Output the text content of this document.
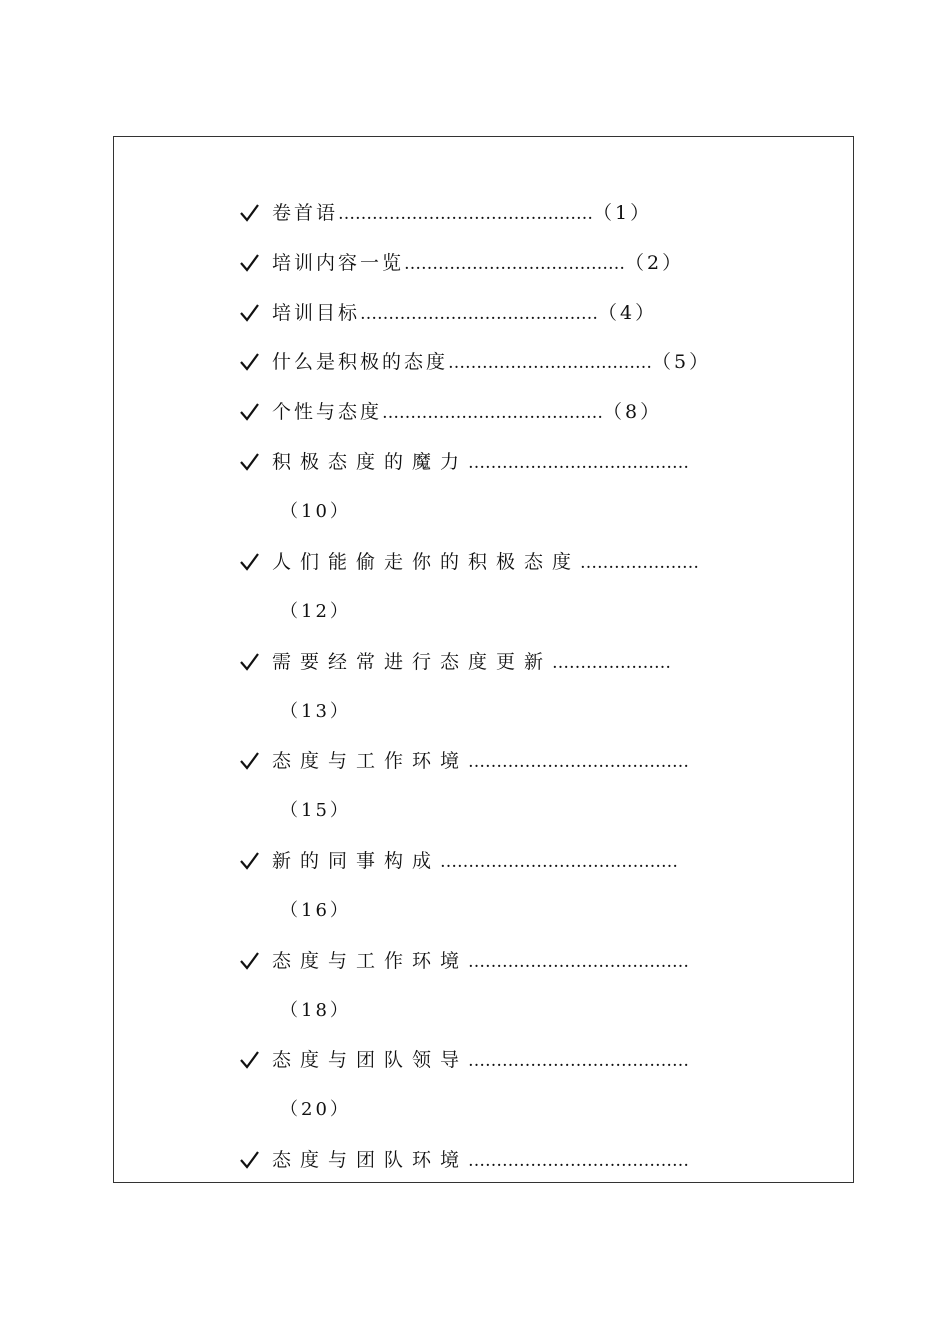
卷首语………………………………………（1）
培训内容一览…………………………………（2）
培训目标……………………………………（4）
什么是积极的态度………………………………（5）
个性与态度…………………………………（8）
积极态度的魔力…………………………………
（10）
人们能偷走你的积极态度…………………
（12）
需要经常进行态度更新…………………
（13）
态度与工作环境…………………………………
（15）
新的同事构成……………………………………
（16）
态度与工作环境…………………………………
（18）
态度与团队领导…………………………………
（20）
态度与团队环境…………………………………
